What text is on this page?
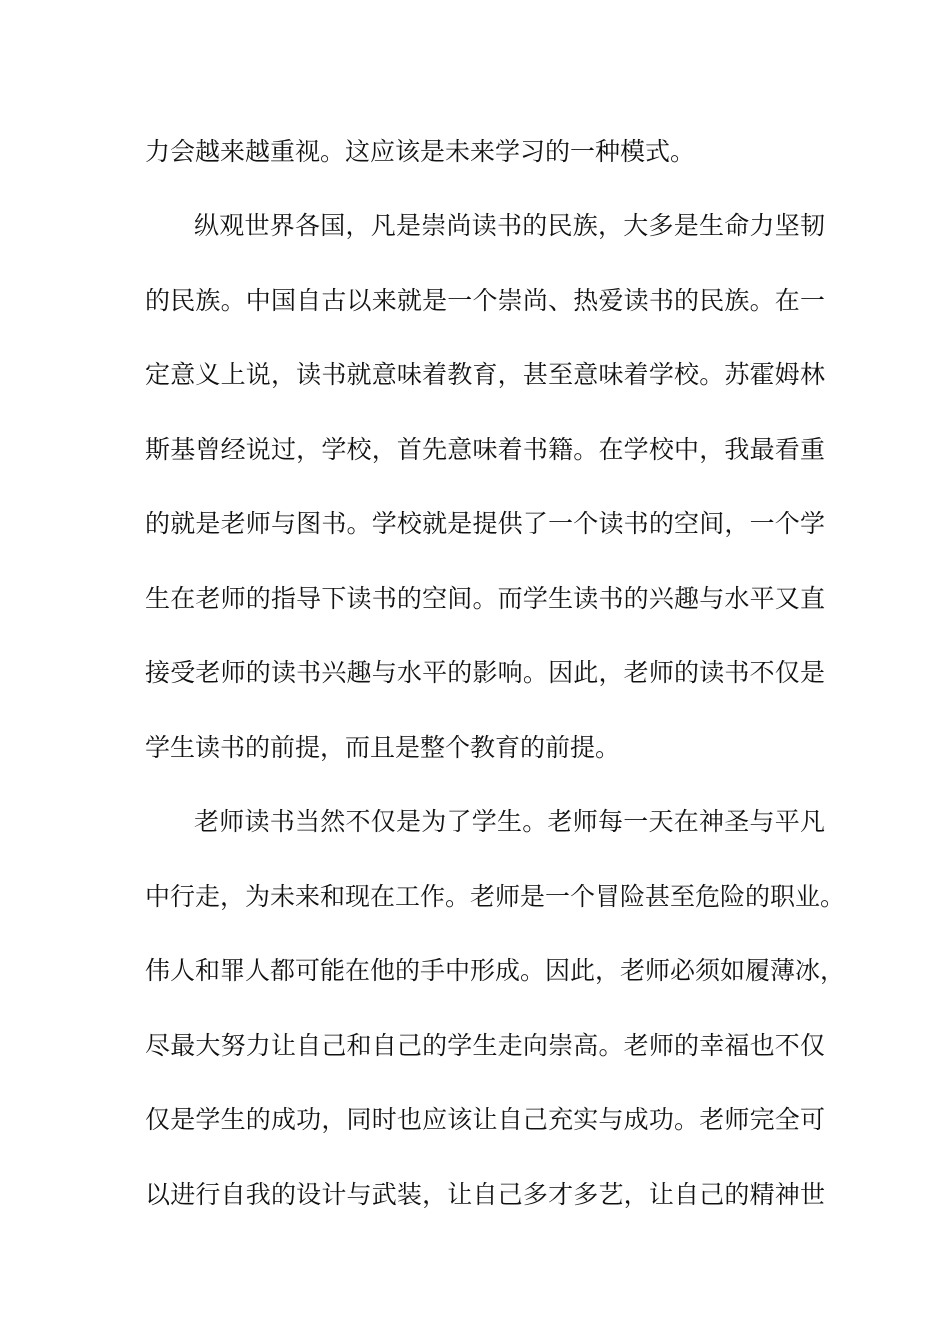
力会越来越重视。这应该是未来学习的一种模式。
纵观世界各国，凡是崇尚读书的民族，大多是生命力坚韧
的民族。中国自古以来就是一个崇尚、热爱读书的民族。在一
定意义上说，读书就意味着教育，甚至意味着学校。苏霍姆林
斯基曾经说过，学校，首先意味着书籍。在学校中，我最看重
的就是老师与图书。学校就是提供了一个读书的空间，一个学
生在老师的指导下读书的空间。而学生读书的兴趣与水平又直
接受老师的读书兴趣与水平的影响。因此，老师的读书不仅是
学生读书的前提，而且是整个教育的前提。
老师读书当然不仅是为了学生。老师每一天在神圣与平凡
中行走，为未来和现在工作。老师是一个冒险甚至危险的职业。
伟人和罪人都可能在他的手中形成。因此，老师必须如履薄冰，
尽最大努力让自己和自己的学生走向崇高。老师的幸福也不仅
仅是学生的成功，同时也应该让自己充实与成功。老师完全可
以进行自我的设计与武装，让自己多才多艺，让自己的精神世
